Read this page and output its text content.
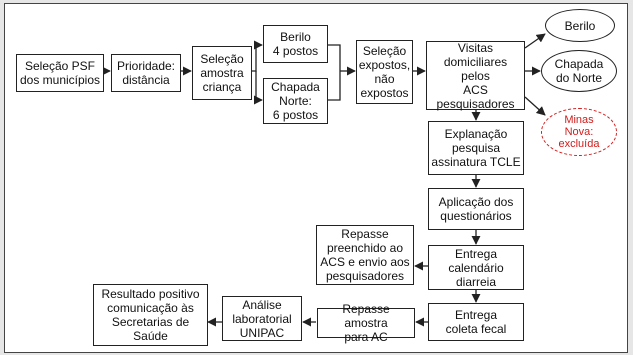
Seleção PSF
dos municípios
Prioridade:
distância
Seleção
amostra
criança
Berilo
4 postos
Chapada
Norte:
6 postos
Seleção
expostos,
não
expostos
Visitas
domiciliares pelos
ACS
pesquisadores
Explanação
pesquisa
assinatura TCLE
Aplicação dos
questionários
Entrega
calendário
diarreia
Repasse
preenchido ao
ACS e envio aos
pesquisadores
Entrega
coleta fecal
Repasse amostra
para AC
Análise
laboratorial
UNIPAC
Resultado positivo
comunicação às
Secretarias de
Saúde
Berilo
Chapada
do Norte
Minas
Nova:
excluída
